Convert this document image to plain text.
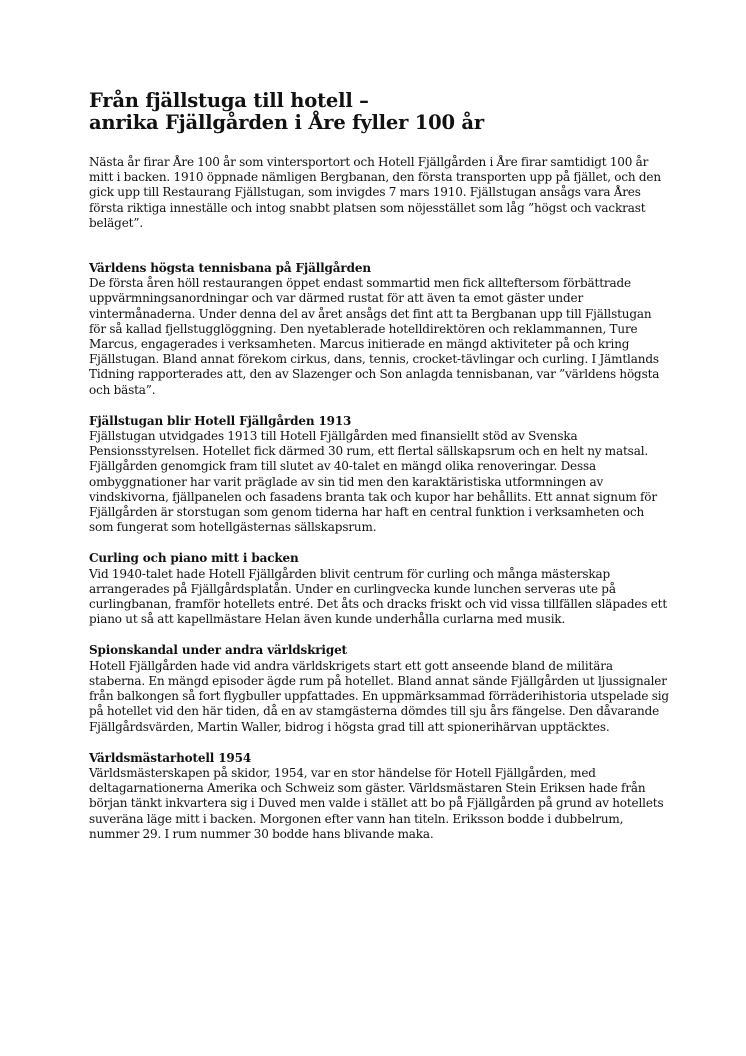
Från fjällstuga till hotell –
anrika Fjällgården i Åre fyller 100 år

Nästa år firar Åre 100 år som vintersportort och Hotell Fjällgården i Åre firar samtidigt 100 år mitt i backen. 1910 öppnade nämligen Bergbanan, den första transporten upp på fjället, och den gick upp till Restaurang Fjällstugan, som invigdes 7 mars 1910. Fjällstugan ansågs vara Åres första riktiga inneställe och intog snabbt platsen som nöjesstället som låg ”högst och vackrast beläget”.

Världens högsta tennisbana på Fjällgården

De första åren höll restaurangen öppet endast sommartid men fick allteftersom förbättrade uppvärmningsanordningar och var därmed rustat för att även ta emot gäster under vintermånaderna. Under denna del av året ansågs det fint att ta Bergbanan upp till Fjällstugan för så kallad fjellstugglöggning. Den nyetablerade hotelldirektören och reklammannen, Ture Marcus, engagerades i verksamheten. Marcus initierade en mängd aktiviteter på och kring Fjällstugan. Bland annat förekom cirkus, dans, tennis, crocket-tävlingar och curling. I Jämtlands Tidning rapporterades att, den av Slazenger och Son anlagda tennisbanan, var ”världens högsta och bästa”.

Fjällstugan blir Hotell Fjällgården 1913

Fjällstugan utvidgades 1913 till Hotell Fjällgården med finansiellt stöd av Svenska Pensionsstyrelsen. Hotellet fick därmed 30 rum, ett flertal sällskapsrum och en helt ny matsal. Fjällgården genomgick fram till slutet av 40-talet en mängd olika renoveringar. Dessa ombyggnationer har varit präglade av sin tid men den karaktäristiska utformningen av vindskivorna, fjällpanelen och fasadens branta tak och kupor har behållits. Ett annat signum för Fjällgården är storstugan som genom tiderna har haft en central funktion i verksamheten och som fungerat som hotellgästernas sällskapsrum.

Curling och piano mitt i backen

Vid 1940-talet hade Hotell Fjällgården blivit centrum för curling och många mästerskap arrangerades på Fjällgårdsplatån. Under en curlingvecka kunde lunchen serveras ute på curlingbanan, framför hotellets entré. Det åts och dracks friskt och vid vissa tillfällen släpades ett piano ut så att kapellmästare Helan även kunde underhålla curlarna med musik.

Spionskandal under andra världskriget

Hotell Fjällgården hade vid andra världskrigets start ett gott anseende bland de militära staberna. En mängd episoder ägde rum på hotellet. Bland annat sände Fjällgården ut ljussignaler från balkongen så fort flygbuller uppfattades. En uppmärksammad förräderihistoria utspelade sig på hotellet vid den här tiden, då en av stamgästerna dömdes till sju års fängelse. Den dåvarande Fjällgårdsvärden, Martin Waller, bidrog i högsta grad till att spionerihärvan upptäcktes.

Världsmästarhotell 1954

Världsmästerskapen på skidor, 1954, var en stor händelse för Hotell Fjällgården, med deltagarnationerna Amerika och Schweiz som gäster. Världsmästaren Stein Eriksen hade från början tänkt inkvartera sig i Duved men valde i stället att bo på Fjällgården på grund av hotellets suveräna läge mitt i backen. Morgonen efter vann han titeln. Eriksson bodde i dubbelrum, nummer 29. I rum nummer 30 bodde hans blivande maka.
